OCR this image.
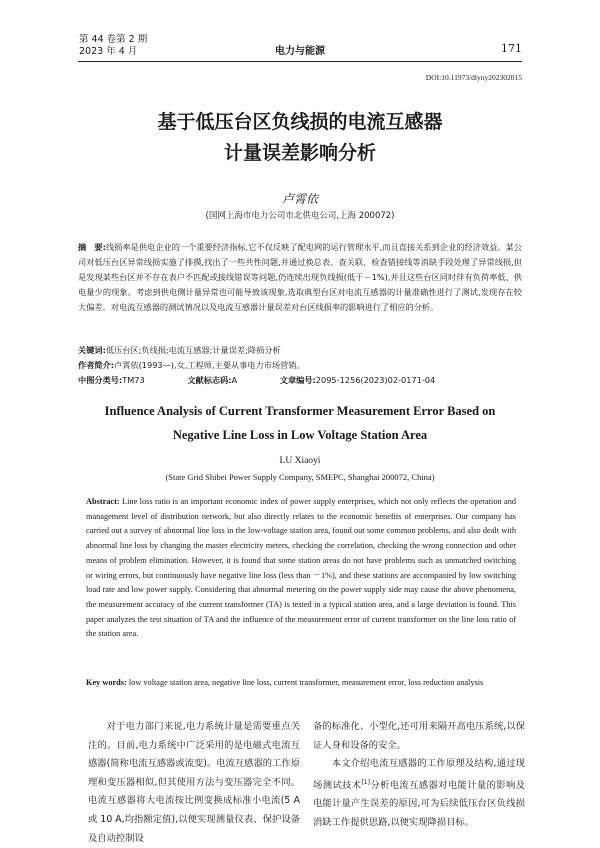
第 44 卷第 2 期
2023 年 4 月	电力与能源	171
DOI:10.11973/dlyny202302015
基于低压台区负线损的电流互感器
计量误差影响分析
卢霄依
(国网上海市电力公司市北供电公司,上海 200072)
摘　要:线损率是供电企业的一个重要经济指标,它不仅反映了配电网的运行管理水平,而且直接关系到企业的经济效益。某公司对低压台区异常线损实施了排摸,找出了一些共性问题,并通过换总表、查关联、检查错接线等消缺手段处理了异常线损,但是发现某些台区并不存在表户不匹配或接线错误等问题,仍连续出现负线损(低于－1%),并且这些台区同时伴有负荷率低、供电量少的现象。考虑到供电侧计量异常也可能导致该现象,选取典型台区对电流互感器的计量准确性进行了测试,发现存在较大偏差。对电流互感器的测试情况以及电流互感器计量误差对台区线损率的影响进行了相应的分析。
关键词:低压台区;负线损;电流互感器;计量误差;降损分析
作者简介:卢霄依(1993—),女,工程师,主要从事电力市场营销。
中图分类号:TM73	文献标志码:A	文章编号:2095-1256(2023)02-0171-04
Influence Analysis of Current Transformer Measurement Error Based on
Negative Line Loss in Low Voltage Station Area
LU Xiaoyi
(State Grid Shibei Power Supply Company, SMEPC, Shanghai 200072, China)
Abstract: Line loss ratio is an important economic index of power supply enterprises, which not only reflects the operation and management level of distribution network, but also directly relates to the economic benefits of enterprises. Our company has carried out a survey of abnormal line loss in the low-voltage station area, found out some common problems, and also dealt with abnormal line loss by changing the master electricity meters, checking the correlation, checking the wrong connection and other means of problem elimination. However, it is found that some station areas do not have problems such as unmatched switching or wiring errors, but continuously have negative line loss (less than －1%), and these stations are accompanied by low switching load rate and low power supply. Considering that abnormal metering on the power supply side may cause the above phenomena, the measurement accuracy of the current transformer (TA) is tested in a typical station area, and a large deviation is found. This paper analyzes the test situation of TA and the influence of the measurement error of current transformer on the line loss ratio of the station area.
Key words: low voltage station area, negative line loss, current transformer, measurement error, loss reduction analysis
对于电力部门来说,电力系统计量是需要重点关注的。目前,电力系统中广泛采用的是电磁式电流互感器(简称电流互感器或流变)。电流互感器的工作原理和变压器相似,但其使用方法与变压器完全不同。电流互感器将大电流按比例变换成标准小电流(5 A 或 10 A,均指额定值),以便实现测量仪表、保护设备及自动控制设
备的标准化、小型化,还可用来隔开高电压系统,以保证人身和设备的安全。
本文介绍电流互感器的工作原理及结构,通过现场测试技术[1]分析电流互感器对电能计量的影响及电能计量产生误差的原因,可为后续低压台区负线损消缺工作提供思路,以便实现降损目标。
